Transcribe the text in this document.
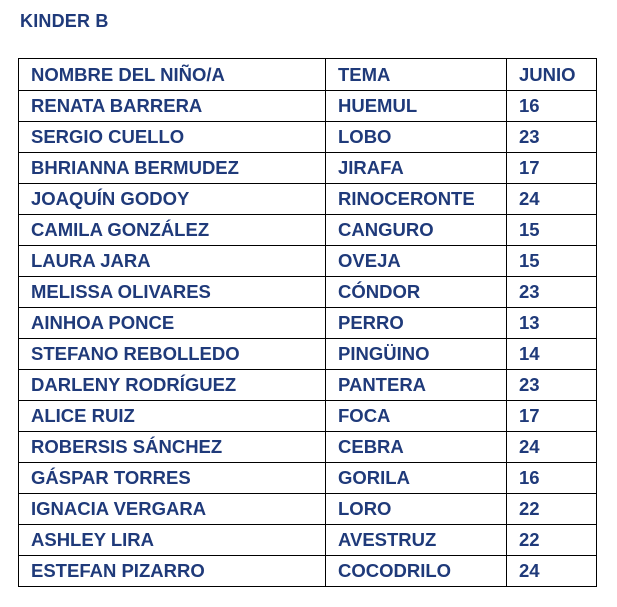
KINDER B
NOMBRE DEL NIÑO/A	TEMA	JUNIO
RENATA BARRERA	HUEMUL	16
SERGIO CUELLO	LOBO	23
BHRIANNA BERMUDEZ	JIRAFA	17
JOAQUÍN GODOY	RINOCERONTE	24
CAMILA GONZÁLEZ	CANGURO	15
LAURA JARA	OVEJA	15
MELISSA OLIVARES	CÓNDOR	23
AINHOA PONCE	PERRO	13
STEFANO REBOLLEDO	PINGÜINO	14
DARLENY RODRÍGUEZ	PANTERA	23
ALICE RUIZ	FOCA	17
ROBERSIS SÁNCHEZ	CEBRA	24
GÁSPAR TORRES	GORILA	16
IGNACIA VERGARA	LORO	22
ASHLEY LIRA	AVESTRUZ	22
ESTEFAN PIZARRO	COCODRILO	24
